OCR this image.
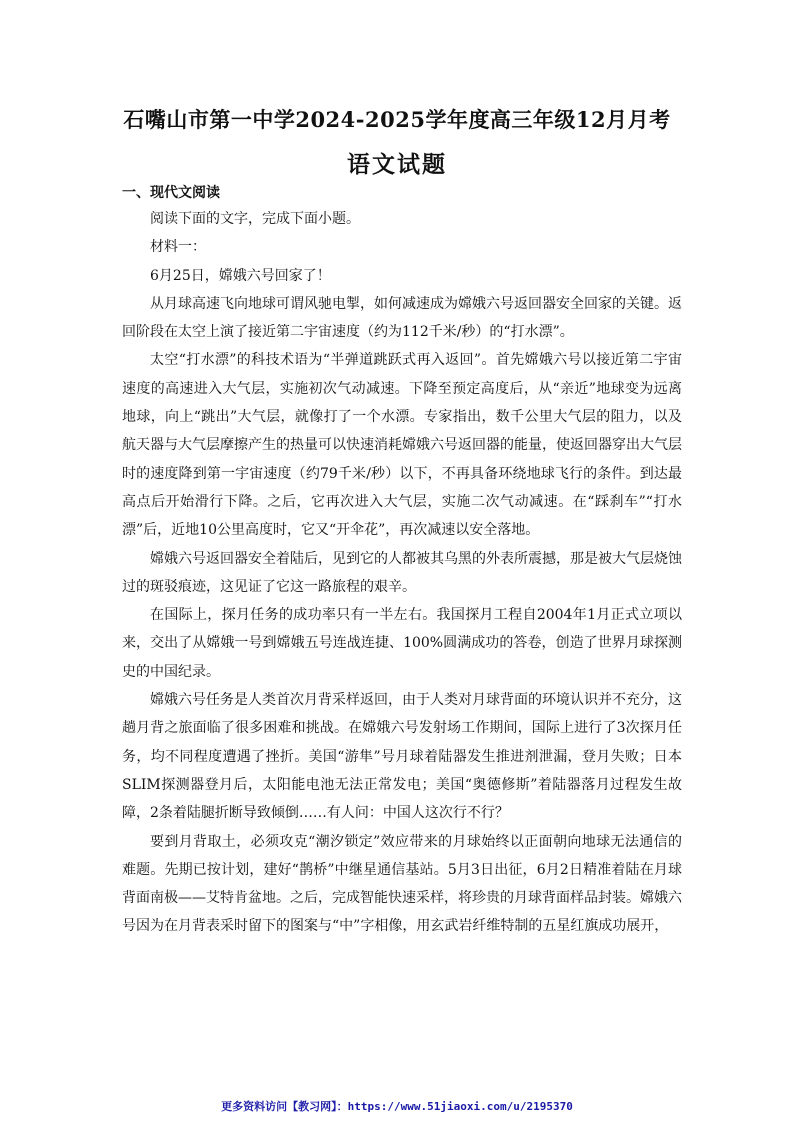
石嘴山市第一中学2024-2025学年度高三年级12月月考
语文试题
一、现代文阅读

阅读下面的文字，完成下面小题。

材料一：

6月25日，嫦娥六号回家了！

从月球高速飞向地球可谓风驰电掣，如何减速成为嫦娥六号返回器安全回家的关键。返回阶段在太空上演了接近第二宇宙速度（约为112千米/秒）的“打水漂”。

太空“打水漂”的科技术语为“半弹道跳跃式再入返回”。首先嫦娥六号以接近第二宇宙速度的高速进入大气层，实施初次气动减速。下降至预定高度后，从“亲近”地球变为远离地球，向上“跳出”大气层，就像打了一个水漂。专家指出，数千公里大气层的阻力，以及航天器与大气层摩擦产生的热量可以快速消耗嫦娥六号返回器的能量，使返回器穿出大气层时的速度降到第一宇宙速度（约79千米/秒）以下，不再具备环绕地球飞行的条件。到达最高点后开始滑行下降。之后，它再次进入大气层，实施二次气动减速。在“踩刹车”“打水漂”后，近地10公里高度时，它又“开伞花”，再次减速以安全落地。

嫦娥六号返回器安全着陆后，见到它的人都被其乌黑的外表所震撼，那是被大气层烧蚀过的斑驳痕迹，这见证了它这一路旅程的艰辛。

在国际上，探月任务的成功率只有一半左右。我国探月工程自2004年1月正式立项以来，交出了从嫦娥一号到嫦娥五号连战连捷、100%圆满成功的答卷，创造了世界月球探测史的中国纪录。

嫦娥六号任务是人类首次月背采样返回，由于人类对月球背面的环境认识并不充分，这趟月背之旅面临了很多困难和挑战。在嫦娥六号发射场工作期间，国际上进行了3次探月任务，均不同程度遭遇了挫折。美国“游隼”号月球着陆器发生推进剂泄漏，登月失败；日本SLIM探测器登月后，太阳能电池无法正常发电；美国“奥德修斯”着陆器落月过程发生故障，2条着陆腿折断导致倾倒……有人问：中国人这次行不行？

要到月背取土，必须攻克“潮汐锁定”效应带来的月球始终以正面朝向地球无法通信的难题。先期已按计划，建好“鹊桥”中继星通信基站。5月3日出征，6月2日精准着陆在月球背面南极——艾特肯盆地。之后，完成智能快速采样，将珍贵的月球背面样品封装。嫦娥六号因为在月背表采时留下的图案与“中”字相像，用玄武岩纤维特制的五星红旗成功展开，

更多资料访问【教习网】：https://www.51jiaoxi.com/u/2195370
